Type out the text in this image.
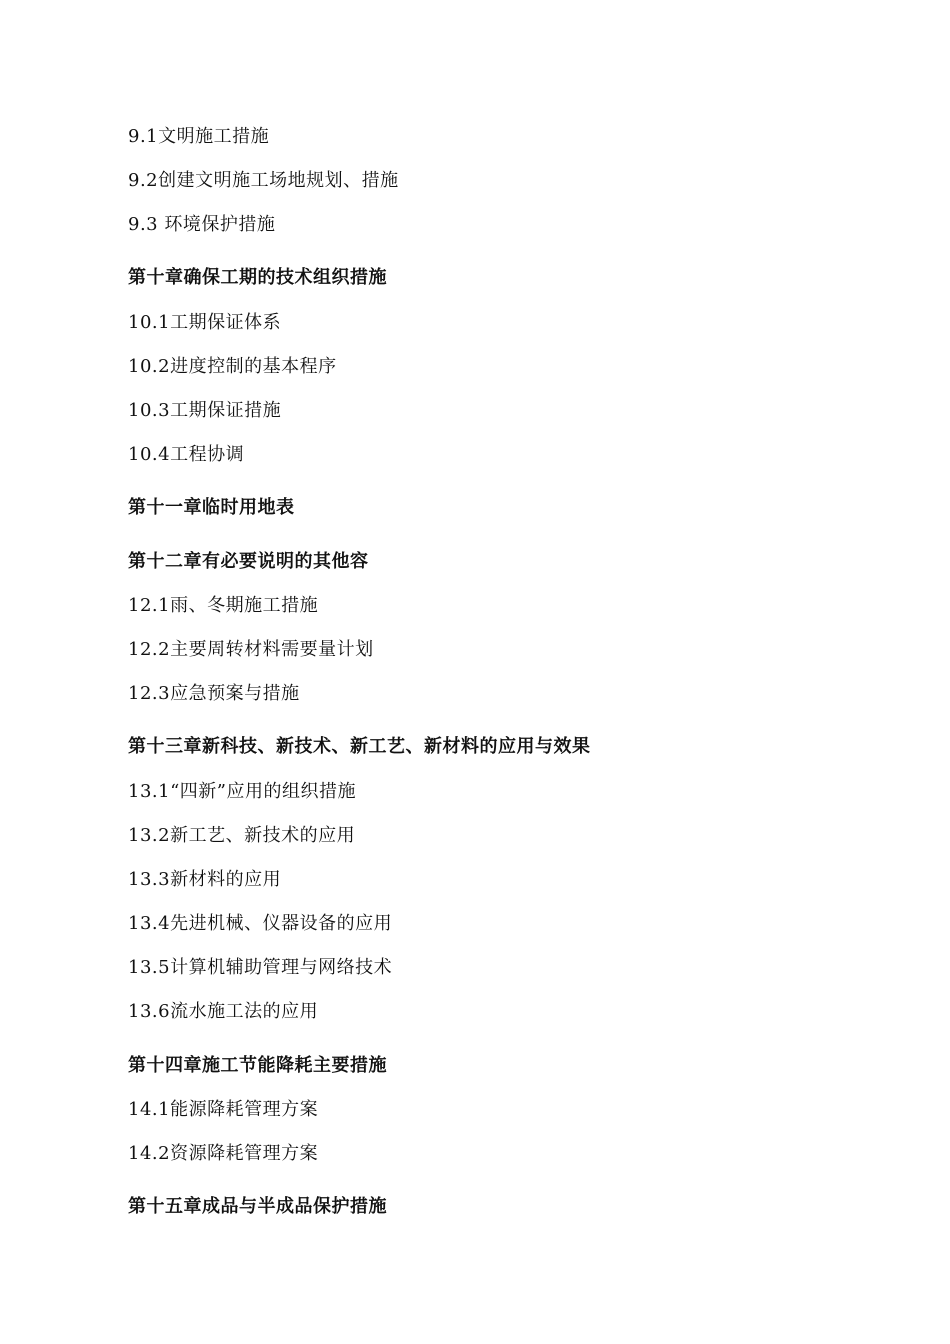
9.1文明施工措施
9.2创建文明施工场地规划、措施
9.3 环境保护措施
第十章确保工期的技术组织措施
10.1工期保证体系
10.2进度控制的基本程序
10.3工期保证措施
10.4工程协调
第十一章临时用地表
第十二章有必要说明的其他容
12.1雨、冬期施工措施
12.2主要周转材料需要量计划
12.3应急预案与措施
第十三章新科技、新技术、新工艺、新材料的应用与效果
13.1“四新”应用的组织措施
13.2新工艺、新技术的应用
13.3新材料的应用
13.4先进机械、仪器设备的应用
13.5计算机辅助管理与网络技术
13.6流水施工法的应用
第十四章施工节能降耗主要措施
14.1能源降耗管理方案
14.2资源降耗管理方案
第十五章成品与半成品保护措施
